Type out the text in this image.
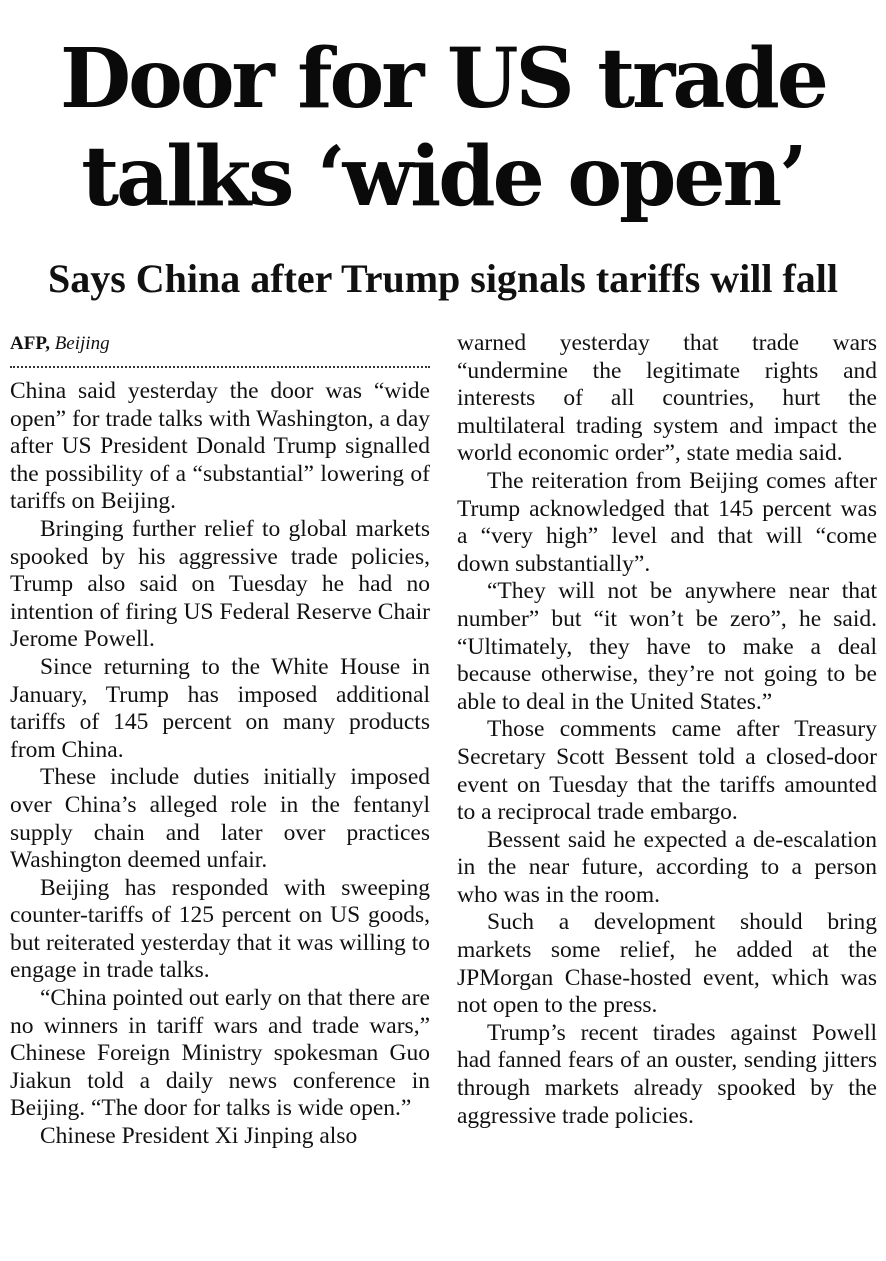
Door for US trade talks ‘wide open’
Says China after Trump signals tariffs will fall
AFP, Beijing

China said yesterday the door was “wide open” for trade talks with Washington, a day after US President Donald Trump signalled the possibility of a “substantial” lowering of tariffs on Beijing.

Bringing further relief to global markets spooked by his aggressive trade policies, Trump also said on Tuesday he had no intention of firing US Federal Reserve Chair Jerome Powell.

Since returning to the White House in January, Trump has imposed additional tariffs of 145 percent on many products from China.

These include duties initially imposed over China’s alleged role in the fentanyl supply chain and later over practices Washington deemed unfair.

Beijing has responded with sweeping counter-tariffs of 125 percent on US goods, but reiterated yesterday that it was willing to engage in trade talks.

“China pointed out early on that there are no winners in tariff wars and trade wars,” Chinese Foreign Ministry spokesman Guo Jiakun told a daily news conference in Beijing. “The door for talks is wide open.”

Chinese President Xi Jinping also

warned yesterday that trade wars “undermine the legitimate rights and interests of all countries, hurt the multilateral trading system and impact the world economic order”, state media said.

The reiteration from Beijing comes after Trump acknowledged that 145 percent was a “very high” level and that will “come down substantially”.

“They will not be anywhere near that number” but “it won’t be zero”, he said. “Ultimately, they have to make a deal because otherwise, they’re not going to be able to deal in the United States.”

Those comments came after Treasury Secretary Scott Bessent told a closed-door event on Tuesday that the tariffs amounted to a reciprocal trade embargo.

Bessent said he expected a de-escalation in the near future, according to a person who was in the room.

Such a development should bring markets some relief, he added at the JPMorgan Chase-hosted event, which was not open to the press.

Trump’s recent tirades against Powell had fanned fears of an ouster, sending jitters through markets already spooked by the aggressive trade policies.
